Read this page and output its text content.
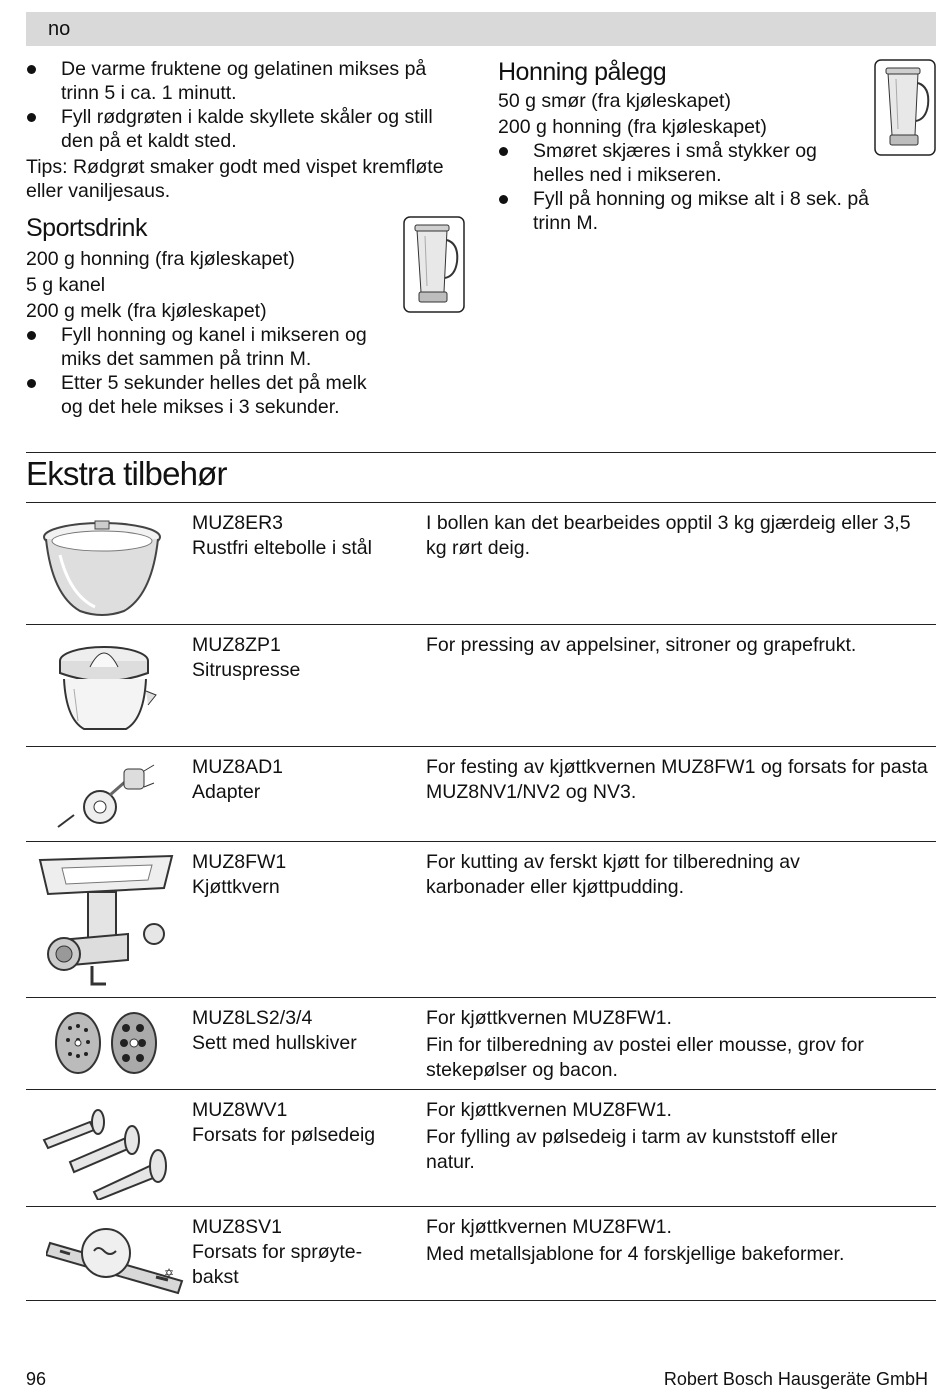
no

De varme fruktene og gelatinen mikses på trinn 5 i ca. 1 minutt.

Fyll rødgrøten i kalde skyllete skåler og still den på et kaldt sted.

Tips: Rødgrøt smaker godt med vispet kremfløte eller vaniljesaus.

Sportsdrink

200 g honning (fra kjøleskapet)

5 g kanel

200 g melk (fra kjøleskapet)

Fyll honning og kanel i mikseren og miks det sammen på trinn M.

Etter 5 sekunder helles det på melk og det hele mikses i 3 sekunder.

Honning pålegg

50 g smør (fra kjøleskapet)

200 g honning (fra kjøleskapet)

Smøret skjæres i små stykker og helles ned i mikseren.

Fyll på honning og mikse alt i 8 sek. på trinn M.

Ekstra tilbehør
MUZ8ER3
Rustfri eltebolle i stål

I bollen kan det bearbeides opptil 3 kg gjærdeig eller 3,5 kg rørt deig.

MUZ8ZP1
Sitruspresse

For pressing av appelsiner, sitroner og grapefrukt.

MUZ8AD1
Adapter

For festing av kjøttkvernen MUZ8FW1 og forsats for pasta MUZ8NV1/NV2 og NV3.

MUZ8FW1
Kjøttkvern

For kutting av ferskt kjøtt for tilberedning av karbonader eller kjøttpudding.

MUZ8LS2/3/4
Sett med hullskiver

For kjøttkvernen MUZ8FW1.

Fin for tilberedning av postei eller mousse, grov for stekepølser og bacon.

MUZ8WV1
Forsats for pølsedeig

For kjøttkvernen MUZ8FW1.

For fylling av pølsedeig i tarm av kunststoff eller natur.

✡
MUZ8SV1
Forsats for sprøyte- bakst

For kjøttkvernen MUZ8FW1.

Med metallsjablone for 4 forskjellige bakeformer.

96	Robert Bosch Hausgeräte GmbH
